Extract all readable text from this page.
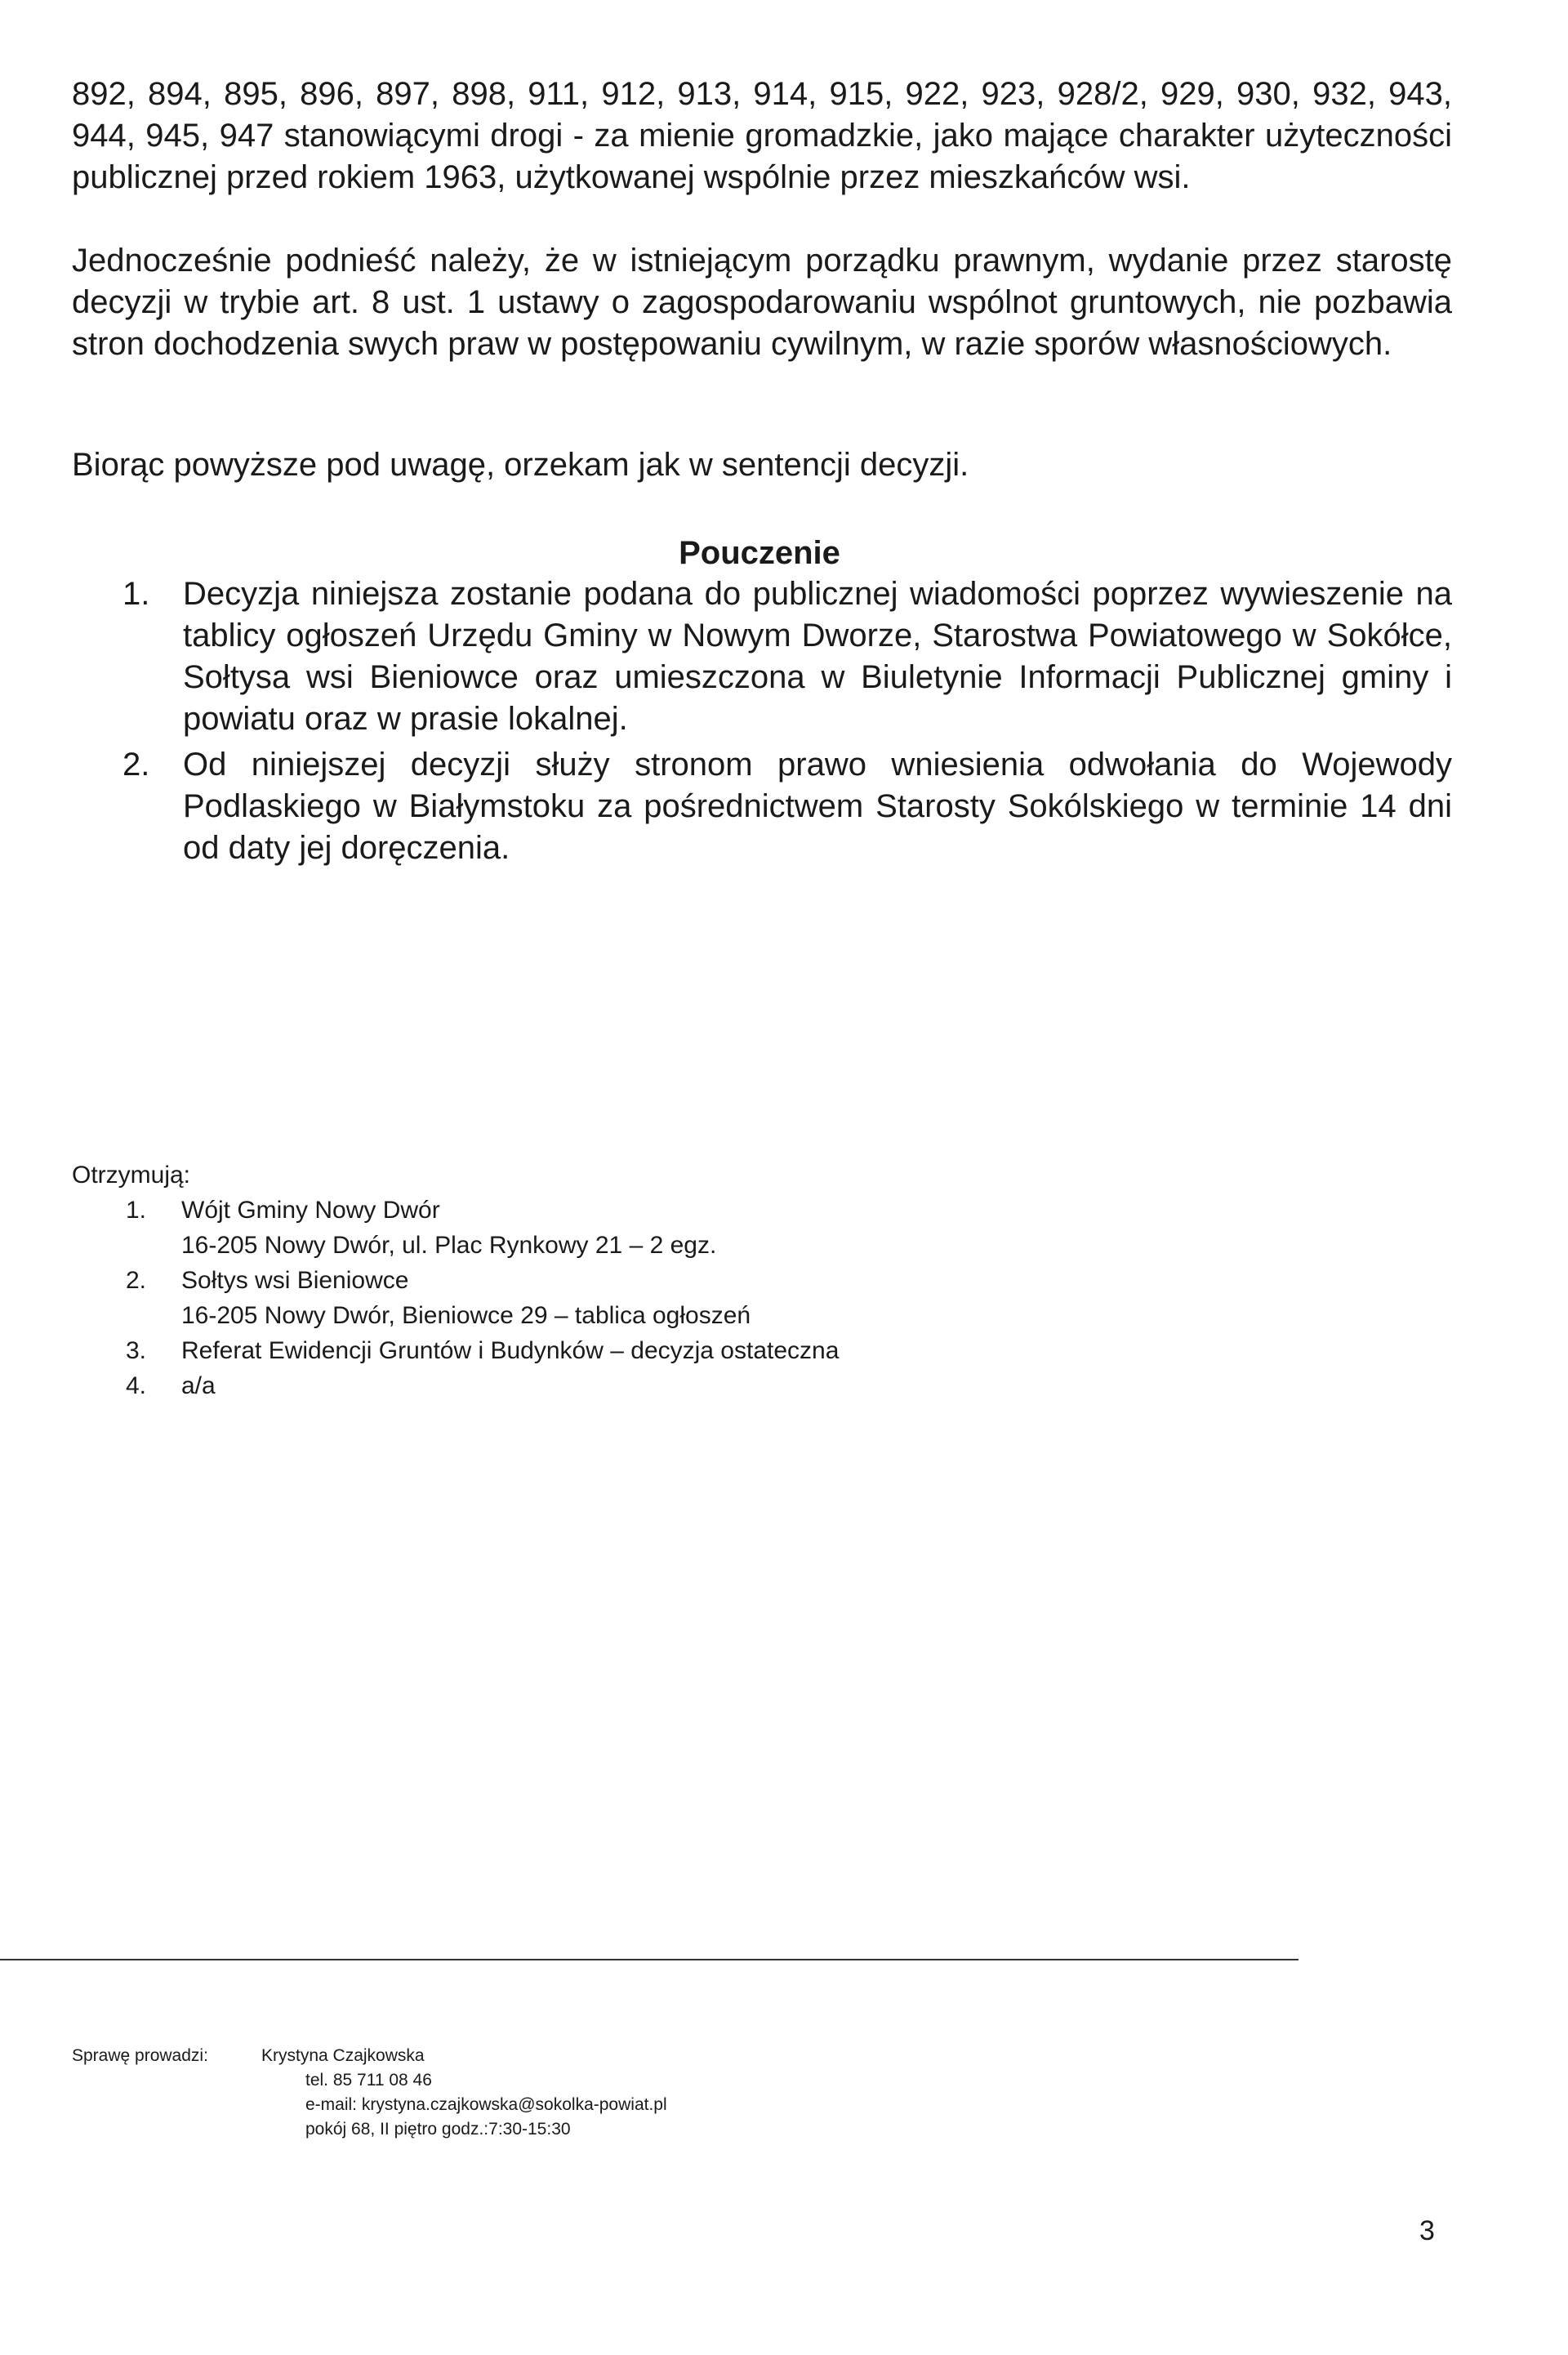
892, 894, 895, 896, 897, 898, 911, 912, 913, 914, 915, 922, 923, 928/2, 929, 930, 932, 943, 944, 945, 947 stanowiącymi drogi - za mienie gromadzkie, jako mające charakter użyteczności publicznej przed rokiem 1963, użytkowanej wspólnie przez mieszkańców wsi.
Jednocześnie podnieść należy, że w istniejącym porządku prawnym, wydanie przez starostę decyzji w trybie art. 8 ust. 1 ustawy o zagospodarowaniu wspólnot gruntowych, nie pozbawia stron dochodzenia swych praw w postępowaniu cywilnym, w razie sporów własnościowych.
Biorąc powyższe pod uwagę, orzekam jak w sentencji decyzji.
Pouczenie
1. Decyzja niniejsza zostanie podana do publicznej wiadomości poprzez wywieszenie na tablicy ogłoszeń Urzędu Gminy w Nowym Dworze, Starostwa Powiatowego w Sokółce, Sołtysa wsi Bieniowce oraz umieszczona w Biuletynie Informacji Publicznej gminy i powiatu oraz w prasie lokalnej.
2. Od niniejszej decyzji służy stronom prawo wniesienia odwołania do Wojewody Podlaskiego w Białymstoku za pośrednictwem Starosty Sokólskiego w terminie 14 dni od daty jej doręczenia.
Otrzymują:
1. Wójt Gminy Nowy Dwór
16-205 Nowy Dwór, ul. Plac Rynkowy 21 – 2 egz.
2. Sołtys wsi Bieniowce
16-205 Nowy Dwór, Bieniowce 29 – tablica ogłoszeń
3. Referat Ewidencji Gruntów i Budynków – decyzja ostateczna
4. a/a
Sprawę prowadzi:	Krystyna Czajkowska
tel. 85 711 08 46
e-mail: krystyna.czajkowska@sokolka-powiat.pl
pokój 68, II piętro godz.:7:30-15:30
3
